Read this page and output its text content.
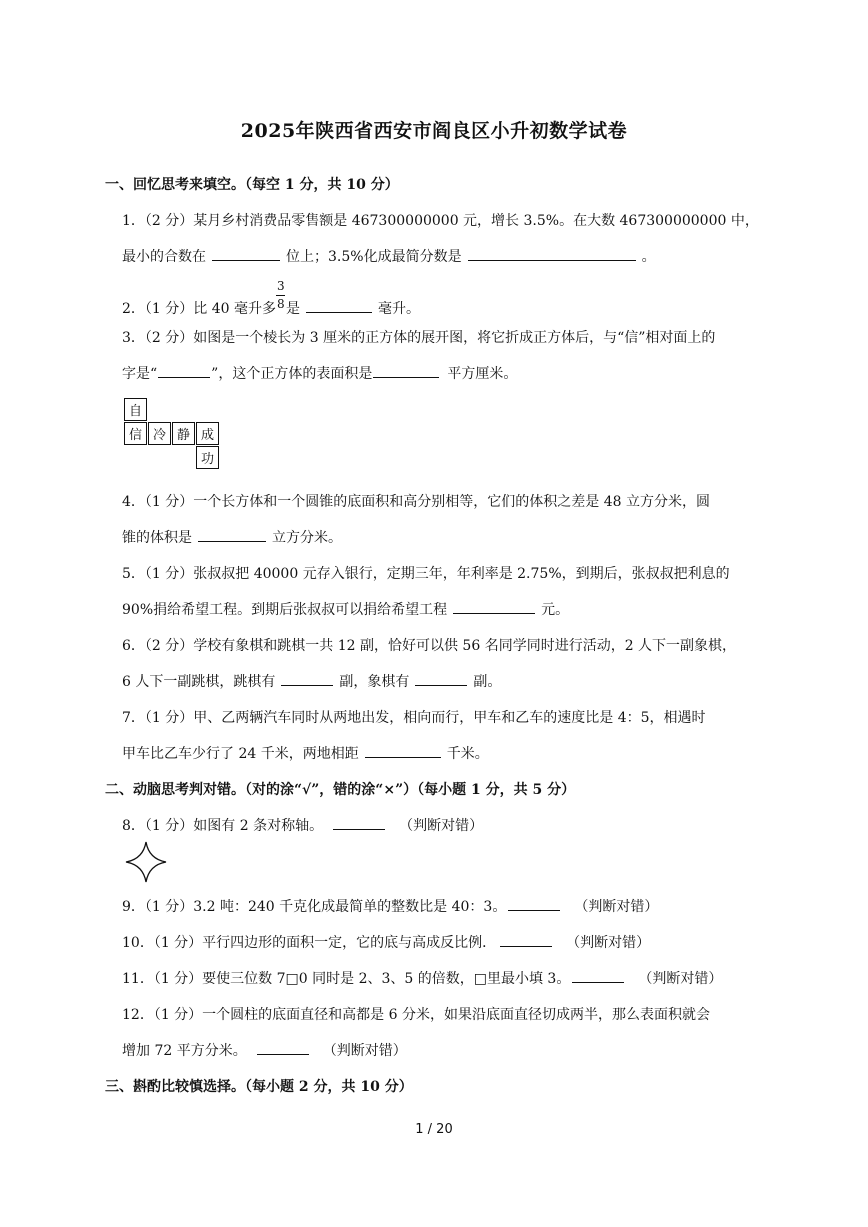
2025年陕西省西安市阎良区小升初数学试卷
一、回忆思考来填空。（每空 1 分，共 10 分）
1．（2 分）某月乡村消费品零售额是 467300000000 元，增长 3.5%。在大数 467300000000 中，
最小的合数在	位上；3.5%化成最简分数是	。
2．（1 分）比 40 毫升多 $\frac{3}{8}$ 是	毫升。
3．（2 分）如图是一个棱长为 3 厘米的正方体的展开图，将它折成正方体后，与“信”相对面上的
字是“	”，这个正方体的表面积是	平方厘米。
自
信 冷 静 成
功
4．（1 分）一个长方体和一个圆锥的底面积和高分别相等，它们的体积之差是 48 立方分米，圆
锥的体积是	立方分米。
5．（1 分）张叔叔把 40000 元存入银行，定期三年，年利率是 2.75%，到期后，张叔叔把利息的
90%捐给希望工程。到期后张叔叔可以捐给希望工程	元。
6．（2 分）学校有象棋和跳棋一共 12 副，恰好可以供 56 名同学同时进行活动，2 人下一副象棋，
6 人下一副跳棋，跳棋有	副，象棋有	副。
7．（1 分）甲、乙两辆汽车同时从两地出发，相向而行，甲车和乙车的速度比是 4：5，相遇时
甲车比乙车少行了 24 千米，两地相距	千米。
二、动脑思考判对错。（对的涂“√”，错的涂“×”）（每小题 1 分，共 5 分）
8．（1 分）如图有 2 条对称轴。	（判断对错）
9．（1 分）3.2 吨：240 千克化成最简单的整数比是 40：3。	（判断对错）
10．（1 分）平行四边形的面积一定，它的底与高成反比例．	（判断对错）
11．（1 分）要使三位数 7□0 同时是 2、3、5 的倍数，□里最小填 3。	（判断对错）
12．（1 分）一个圆柱的底面直径和高都是 6 分米，如果沿底面直径切成两半，那么表面积就会
增加 72 平方分米。	（判断对错）
三、斟酌比较慎选择。（每小题 2 分，共 10 分）
1 / 20
